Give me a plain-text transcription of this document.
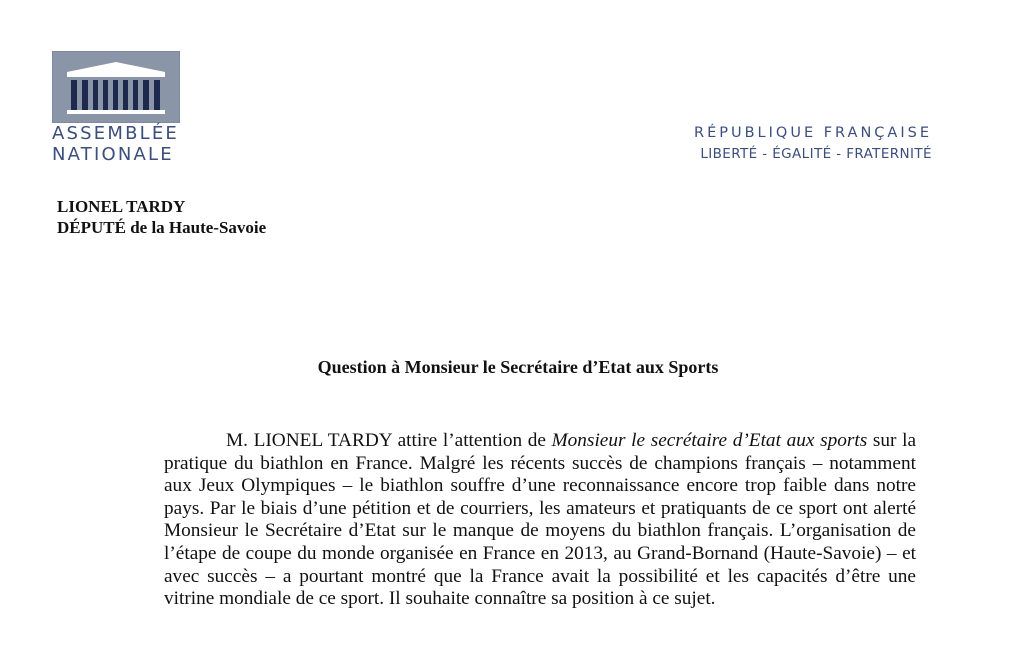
ASSEMBLÉE
NATIONALE
RÉPUBLIQUE FRANÇAISE
LIBERTÉ - ÉGALITÉ - FRATERNITÉ
LIONEL TARDY
DÉPUTÉ de la Haute-Savoie
Question à Monsieur le Secrétaire d’Etat aux Sports

M. LIONEL TARDY attire l’attention de Monsieur le secrétaire d’Etat aux sports sur la pratique du biathlon en France. Malgré les récents succès de champions français – notamment aux Jeux Olympiques – le biathlon souffre d’une reconnaissance encore trop faible dans notre pays. Par le biais d’une pétition et de courriers, les amateurs et pratiquants de ce sport ont alerté Monsieur le Secrétaire d’Etat sur le manque de moyens du biathlon français. L’organisation de l’étape de coupe du monde organisée en France en 2013, au Grand-Bornand (Haute-Savoie) – et avec succès – a pourtant montré que la France avait la possibilité et les capacités d’être une vitrine mondiale de ce sport. Il souhaite connaître sa position à ce sujet.
